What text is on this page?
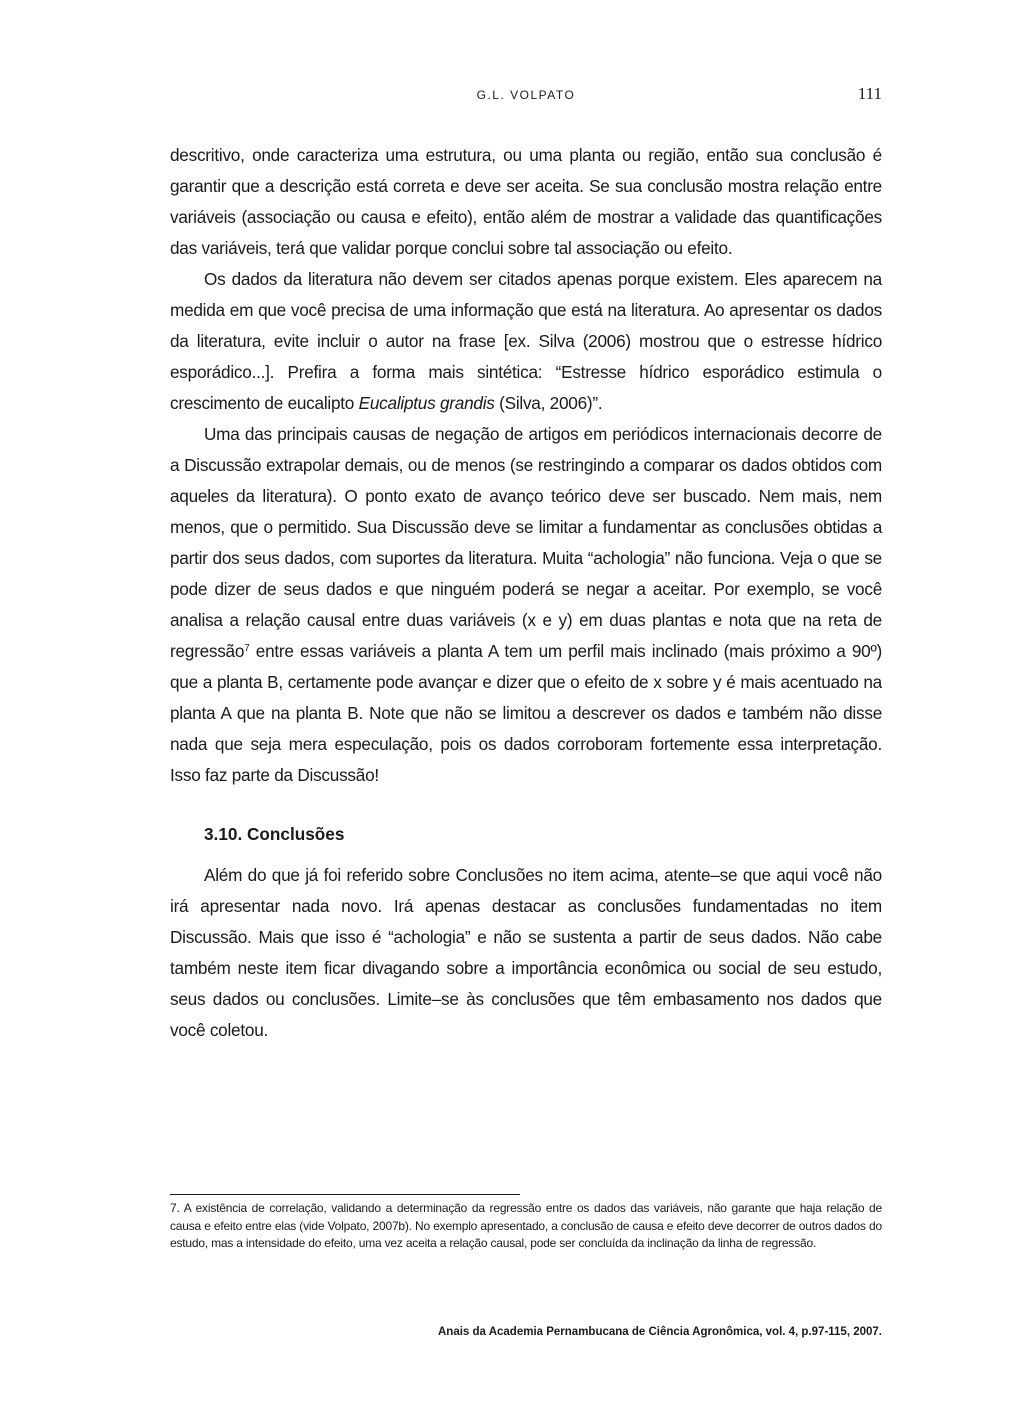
G.L. VOLPATO	111

descritivo, onde caracteriza uma estrutura, ou uma planta ou região, então sua conclusão é garantir que a descrição está correta e deve ser aceita. Se sua conclusão mostra relação entre variáveis (associação ou causa e efeito), então além de mostrar a validade das quantificações das variáveis, terá que validar porque conclui sobre tal associação ou efeito.

Os dados da literatura não devem ser citados apenas porque existem. Eles aparecem na medida em que você precisa de uma informação que está na literatura. Ao apresentar os dados da literatura, evite incluir o autor na frase [ex. Silva (2006) mostrou que o estresse hídrico esporádico...]. Prefira a forma mais sintética: “Estresse hídrico esporádico estimula o crescimento de eucalipto Eucaliptus grandis (Silva, 2006)”.

Uma das principais causas de negação de artigos em periódicos internacionais decorre de a Discussão extrapolar demais, ou de menos (se restringindo a comparar os dados obtidos com aqueles da literatura). O ponto exato de avanço teórico deve ser buscado. Nem mais, nem menos, que o permitido. Sua Discussão deve se limitar a fundamentar as conclusões obtidas a partir dos seus dados, com suportes da literatura. Muita “achologia” não funciona. Veja o que se pode dizer de seus dados e que ninguém poderá se negar a aceitar. Por exemplo, se você analisa a relação causal entre duas variáveis (x e y) em duas plantas e nota que na reta de regressão$^7$ entre essas variáveis a planta A tem um perfil mais inclinado (mais próximo a 90º) que a planta B, certamente pode avançar e dizer que o efeito de x sobre y é mais acentuado na planta A que na planta B. Note que não se limitou a descrever os dados e também não disse nada que seja mera especulação, pois os dados corroboram fortemente essa interpretação. Isso faz parte da Discussão!

3.10. Conclusões

Além do que já foi referido sobre Conclusões no item acima, atente–se que aqui você não irá apresentar nada novo. Irá apenas destacar as conclusões fundamentadas no item Discussão. Mais que isso é “achologia” e não se sustenta a partir de seus dados. Não cabe também neste item ficar divagando sobre a importância econômica ou social de seu estudo, seus dados ou conclusões. Limite–se às conclusões que têm embasamento nos dados que você coletou.

7. A existência de correlação, validando a determinação da regressão entre os dados das variáveis, não garante que haja relação de causa e efeito entre elas (vide Volpato, 2007b). No exemplo apresentado, a conclusão de causa e efeito deve decorrer de outros dados do estudo, mas a intensidade do efeito, uma vez aceita a relação causal, pode ser concluída da inclinação da linha de regressão.
Anais da Academia Pernambucana de Ciência Agronômica, vol. 4, p.97-115, 2007.
